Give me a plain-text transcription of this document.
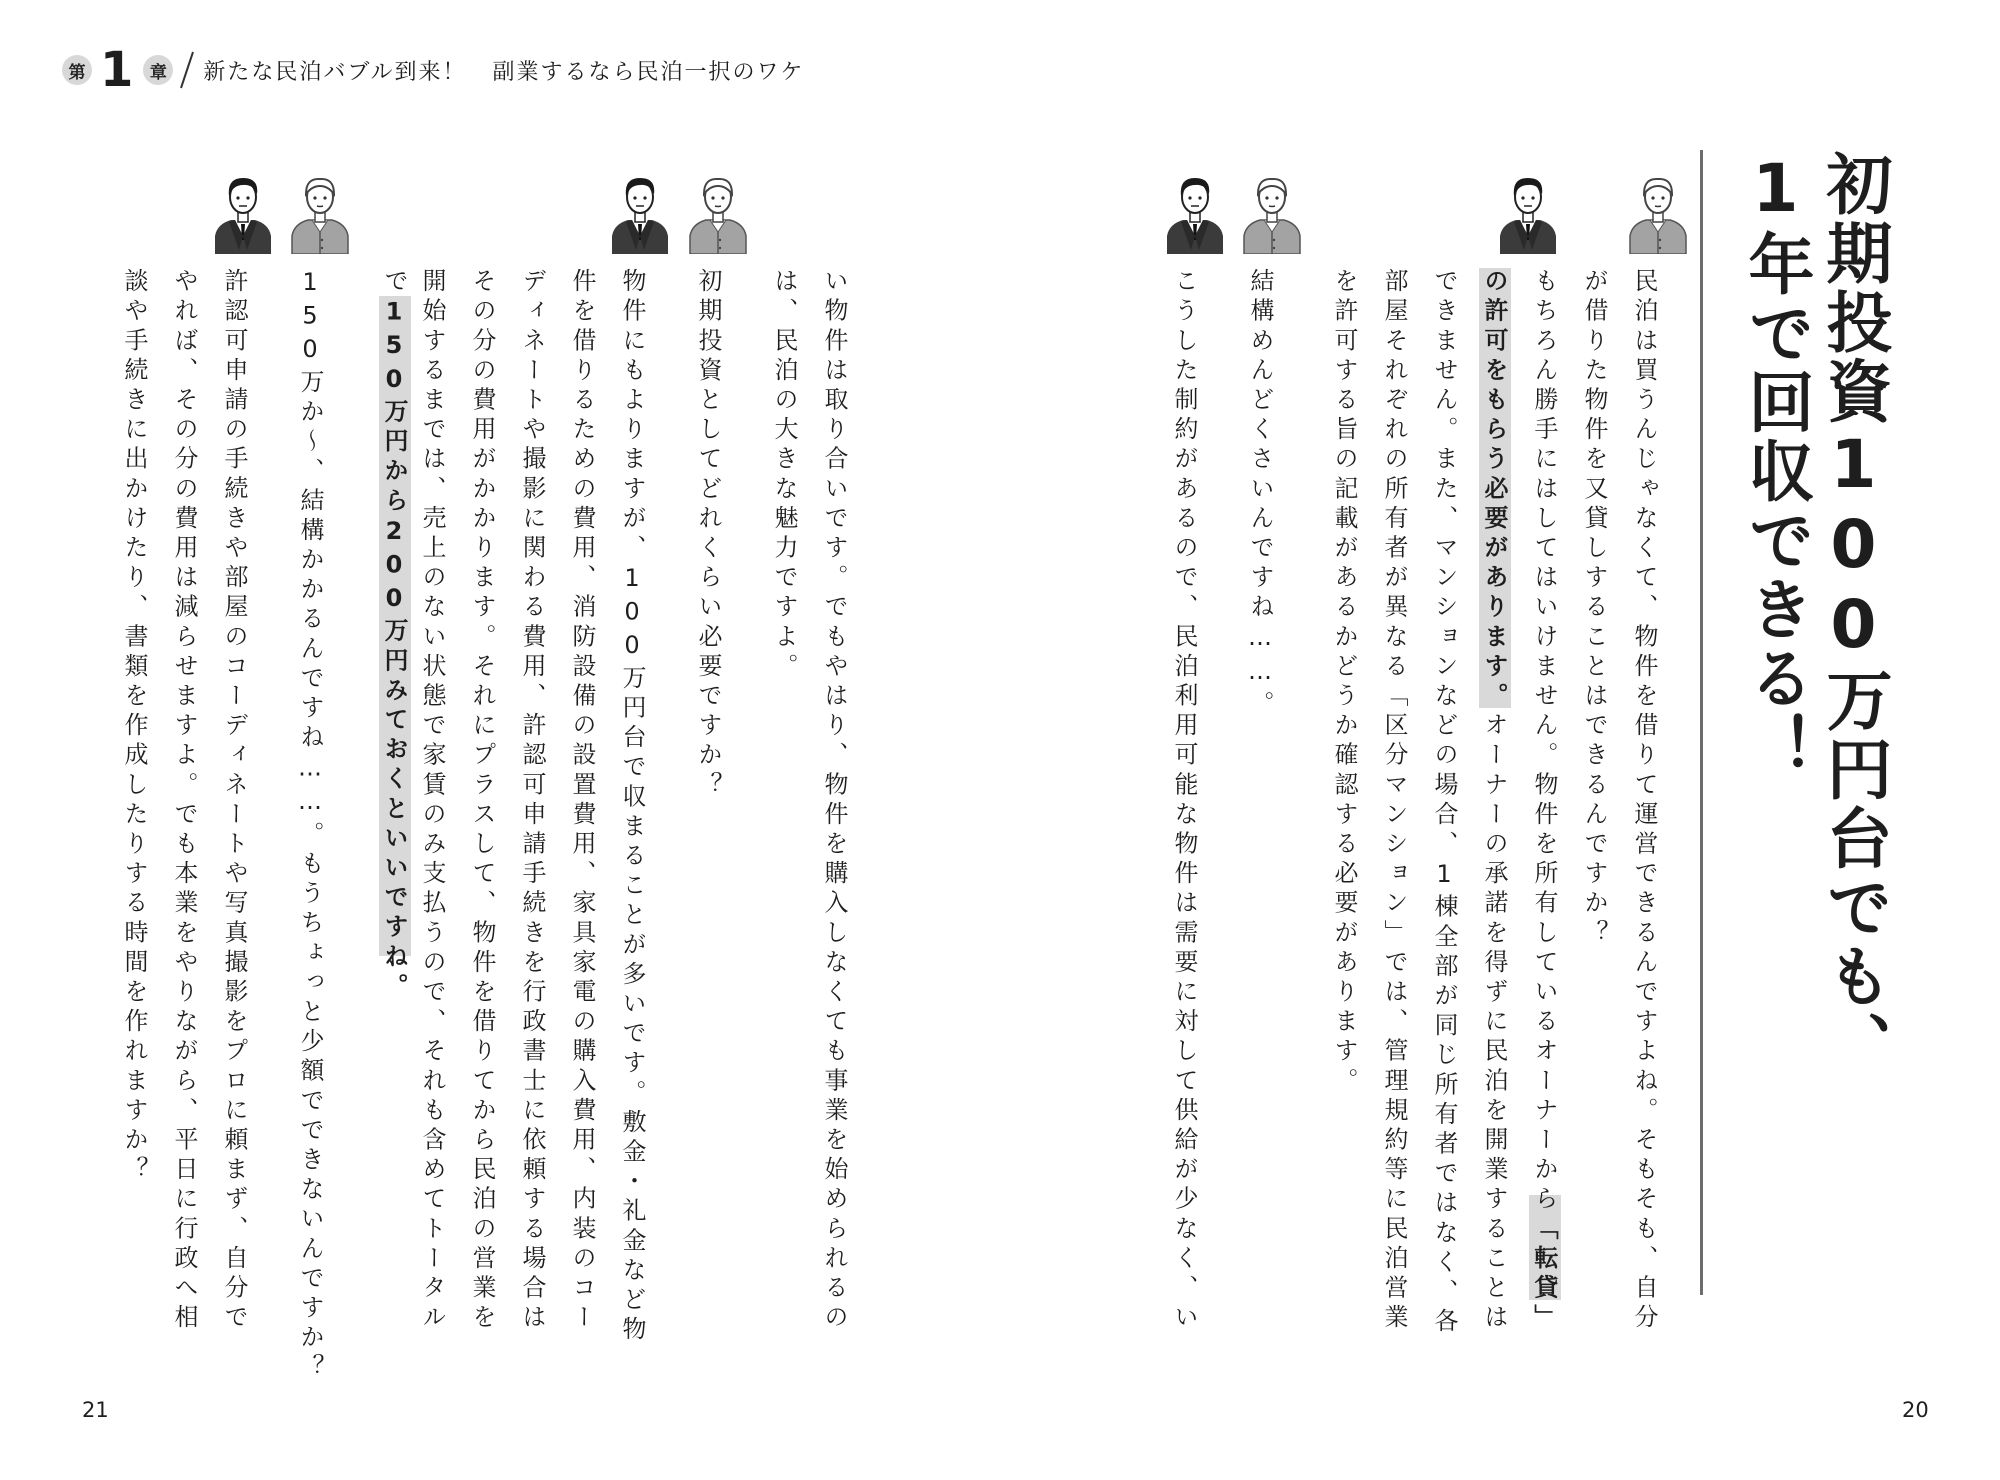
第 1 章 新たな民泊バブル到来！ 副業するなら民泊一択のワケ
21	20
初期投資100万円台でも、
1年で回収できる！
民泊は買うんじゃなくて、物件を借りて運営できるんですよね。そもそも、自分
が借りた物件を又貸しすることはできるんですか？
もちろん勝手にはしてはいけません。物件を所有しているオーナーから「転貸」
の許可をもらう必要があります。オーナーの承諾を得ずに民泊を開業することは
できません。また、マンションなどの場合、1棟全部が同じ所有者ではなく、各
部屋それぞれの所有者が異なる「区分マンション」では、管理規約等に民泊営業
を許可する旨の記載があるかどうか確認する必要があります。
結構めんどくさいんですね……。
こうした制約があるので、民泊利用可能な物件は需要に対して供給が少なく、い
い物件は取り合いです。でもやはり、物件を購入しなくても事業を始められるの
は、民泊の大きな魅力ですよ。
初期投資としてどれくらい必要ですか？
物件にもよりますが、100万円台で収まることが多いです。敷金・礼金など物
件を借りるための費用、消防設備の設置費用、家具家電の購入費用、内装のコー
ディネートや撮影に関わる費用、許認可申請手続きを行政書士に依頼する場合は
その分の費用がかかります。それにプラスして、物件を借りてから民泊の営業を
開始するまでは、売上のない状態で家賃のみ支払うので、それも含めてトータル
で150万円から200万円みておくといいですね。
150万か〜、結構かかるんですね……。もうちょっと少額でできないんですか？
許認可申請の手続きや部屋のコーディネートや写真撮影をプロに頼まず、自分で
やれば、その分の費用は減らせますよ。でも本業をやりながら、平日に行政へ相
談や手続きに出かけたり、書類を作成したりする時間を作れますか？
